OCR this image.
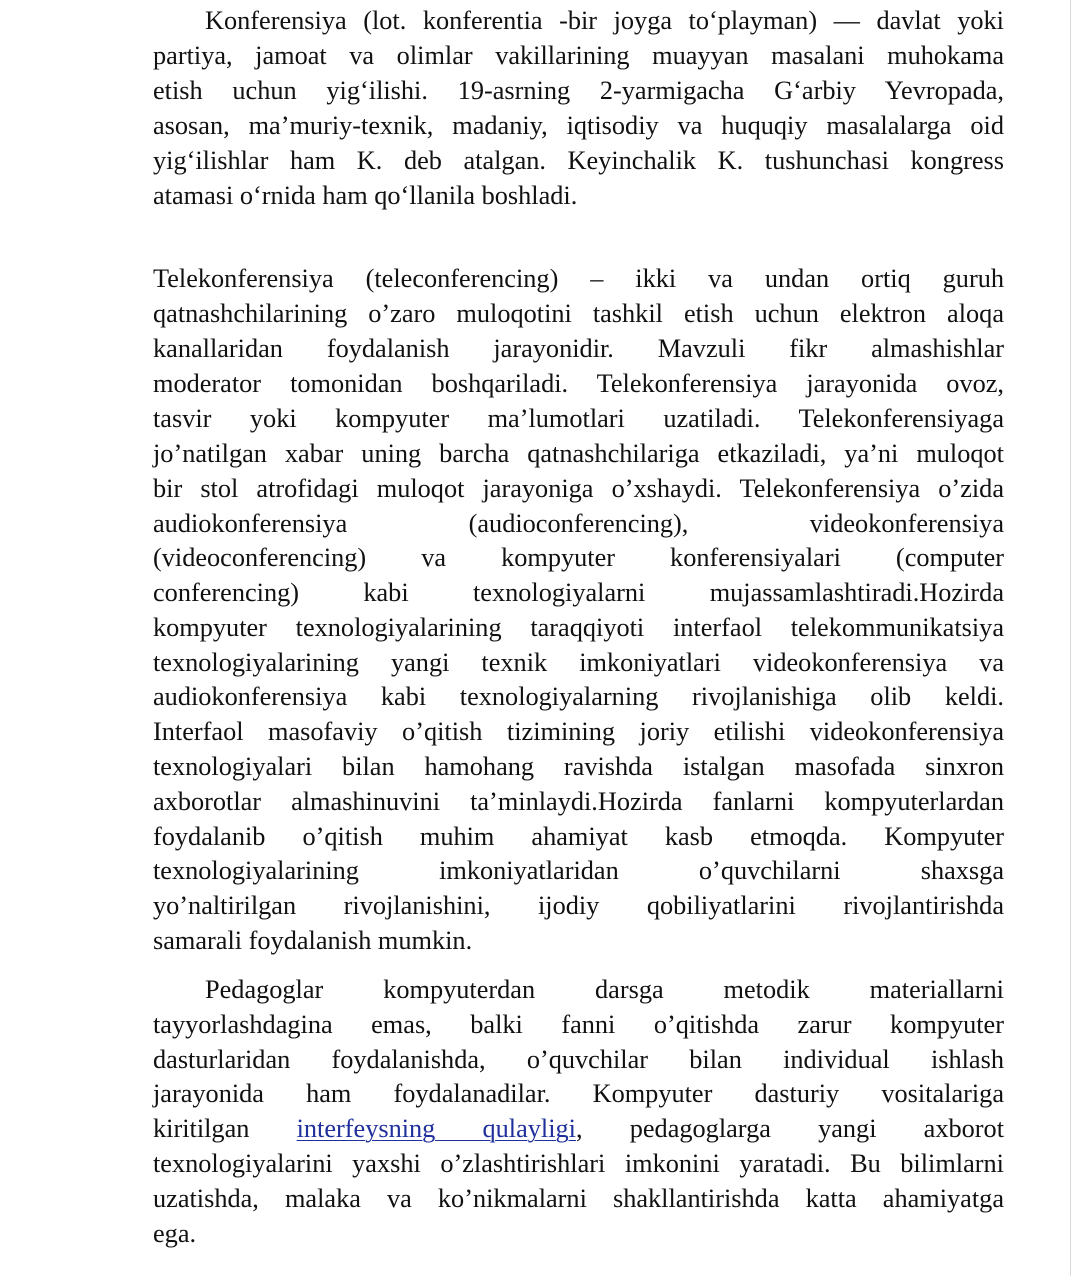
Konferensiya (lot. konferentia -bir joyga to‘playman) — davlat yoki
partiya, jamoat va olimlar vakillarining muayyan masalani muhokama
etish uchun yig‘ilishi. 19-asrning 2-yarmigacha G‘arbiy Yevropada,
asosan, ma’muriy-texnik, madaniy, iqtisodiy va huquqiy masalalarga oid
yig‘ilishlar ham K. deb atalgan. Keyinchalik K. tushunchasi kongress
atamasi o‘rnida ham qo‘llanila boshladi.
Telekonferensiya (teleconferencing) – ikki va undan ortiq guruh
qatnashchilarining o’zaro muloqotini tashkil etish uchun elektron aloqa
kanallaridan foydalanish jarayonidir. Mavzuli fikr almashishlar
moderator tomonidan boshqariladi. Telekonferensiya jarayonida ovoz,
tasvir yoki kompyuter ma’lumotlari uzatiladi. Telekonferensiyaga
jo’natilgan xabar uning barcha qatnashchilariga etkaziladi, ya’ni muloqot
bir stol atrofidagi muloqot jarayoniga o’xshaydi. Telekonferensiya o’zida
audiokonferensiya (audioconferencing), videokonferensiya
(videoconferencing) va kompyuter konferensiyalari (computer
conferencing) kabi texnologiyalarni mujassamlashtiradi.Hozirda
kompyuter texnologiyalarining taraqqiyoti interfaol telekommunikatsiya
texnologiyalarining yangi texnik imkoniyatlari videokonferensiya va
audiokonferensiya kabi texnologiyalarning rivojlanishiga olib keldi.
Interfaol masofaviy o’qitish tizimining joriy etilishi videokonferensiya
texnologiyalari bilan hamohang ravishda istalgan masofada sinxron
axborotlar almashinuvini ta’minlaydi.Hozirda fanlarni kompyuterlardan
foydalanib o’qitish muhim ahamiyat kasb etmoqda. Kompyuter
texnologiyalarining imkoniyatlaridan o’quvchilarni shaxsga
yo’naltirilgan rivojlanishini, ijodiy qobiliyatlarini rivojlantirishda
samarali foydalanish mumkin.
Pedagoglar kompyuterdan darsga metodik materiallarni
tayyorlashdagina emas, balki fanni o’qitishda zarur kompyuter
dasturlaridan foydalanishda, o’quvchilar bilan individual ishlash
jarayonida ham foydalanadilar. Kompyuter dasturiy vositalariga
kiritilgan interfeysning qulayligi, pedagoglarga yangi axborot
texnologiyalarini yaxshi o’zlashtirishlari imkonini yaratadi. Bu bilimlarni
uzatishda, malaka va ko’nikmalarni shakllantirishda katta ahamiyatga
ega.
